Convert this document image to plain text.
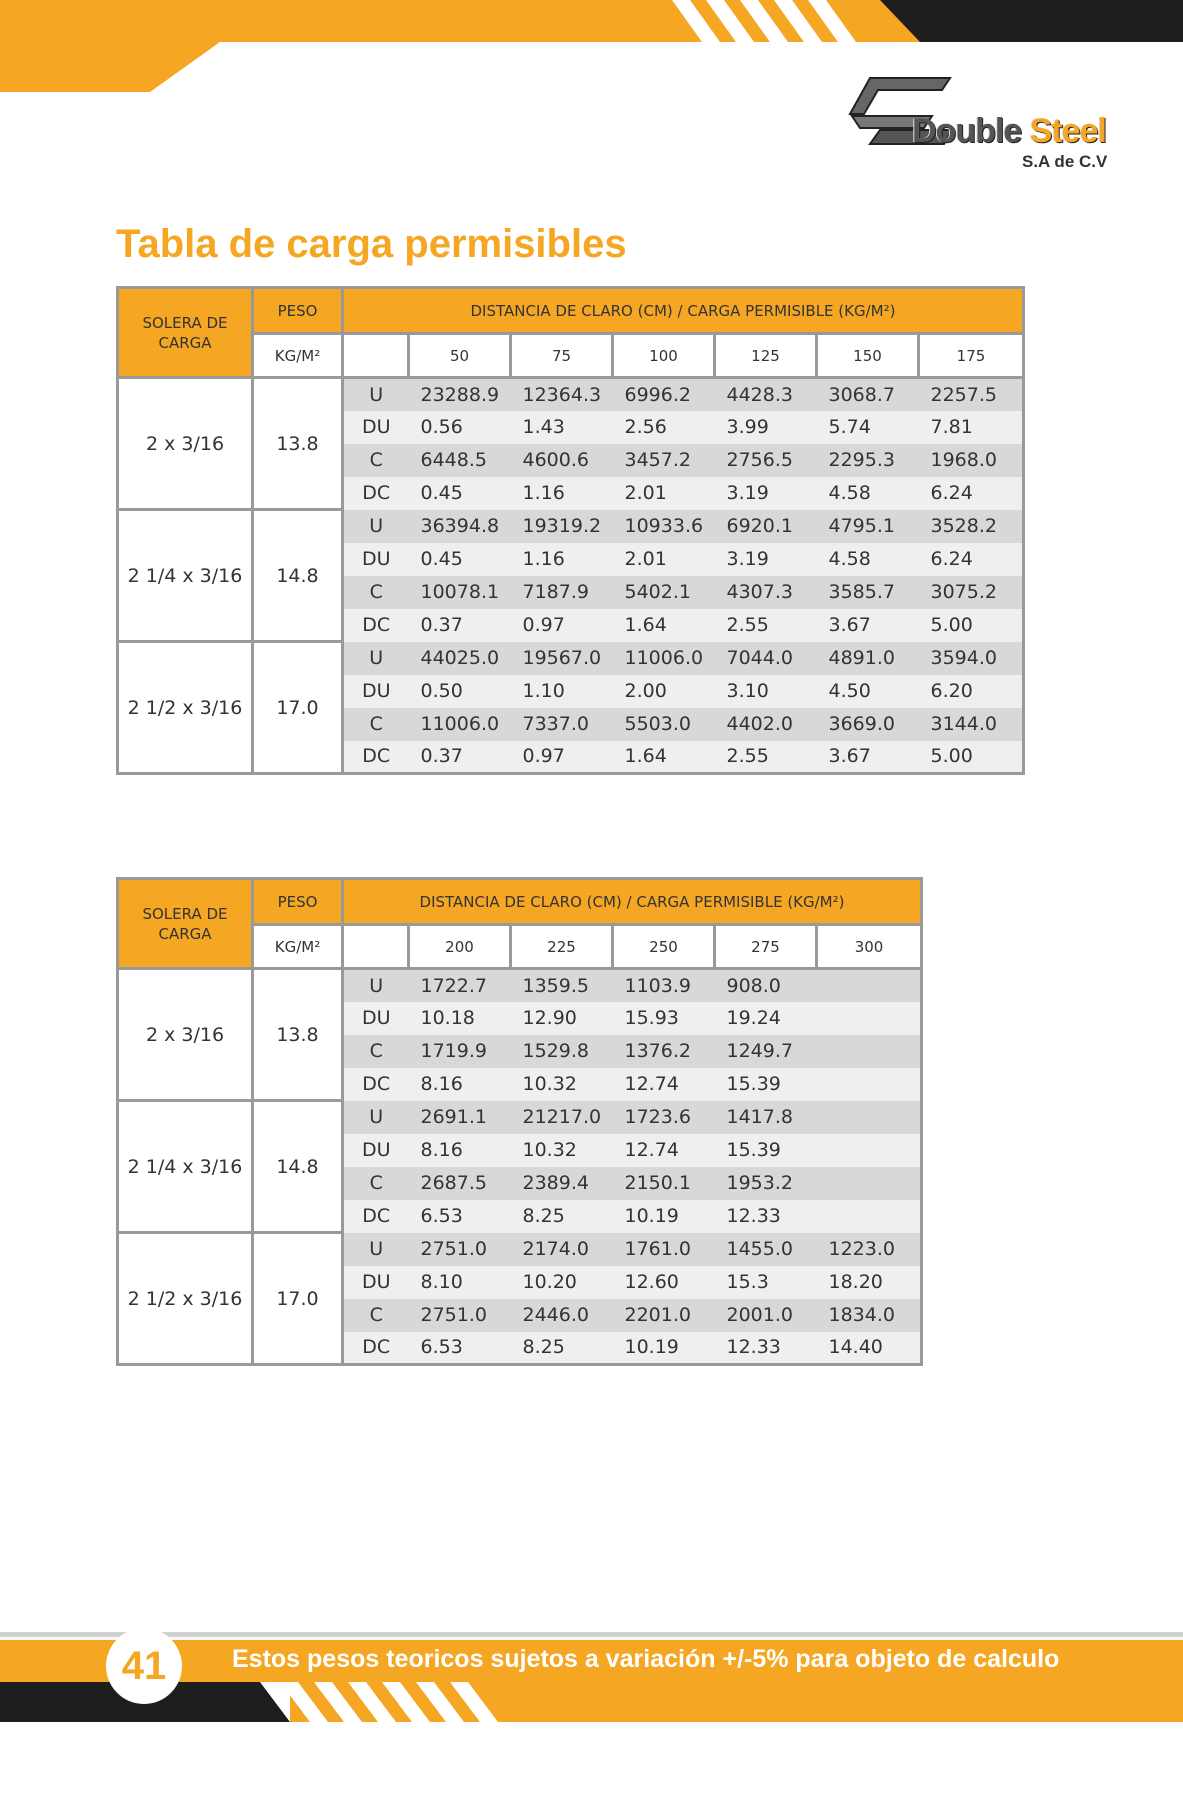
Double Steel
S.A de C.V
Tabla de carga permisibles
SOLERA DE CARGA	PESO	DISTANCIA DE CLARO (CM) / CARGA PERMISIBLE (KG/M²)						
	KG/M²		50	75	100	125	150	175
2 x 3/16	13.8	U	23288.9	12364.3	6996.2	4428.3	3068.7	2257.5
		DU	0.56	1.43	2.56	3.99	5.74	7.81
		C	6448.5	4600.6	3457.2	2756.5	2295.3	1968.0
		DC	0.45	1.16	2.01	3.19	4.58	6.24
2 1/4 x 3/16	14.8	U	36394.8	19319.2	10933.6	6920.1	4795.1	3528.2
		DU	0.45	1.16	2.01	3.19	4.58	6.24
		C	10078.1	7187.9	5402.1	4307.3	3585.7	3075.2
		DC	0.37	0.97	1.64	2.55	3.67	5.00
2 1/2 x 3/16	17.0	U	44025.0	19567.0	11006.0	7044.0	4891.0	3594.0
		DU	0.50	1.10	2.00	3.10	4.50	6.20
		C	11006.0	7337.0	5503.0	4402.0	3669.0	3144.0
		DC	0.37	0.97	1.64	2.55	3.67	5.00
SOLERA DE CARGA	PESO	DISTANCIA DE CLARO (CM) / CARGA PERMISIBLE (KG/M²)					
	KG/M²		200	225	250	275	300
2 x 3/16	13.8	U	1722.7	1359.5	1103.9	908.0	
		DU	10.18	12.90	15.93	19.24	
		C	1719.9	1529.8	1376.2	1249.7	
		DC	8.16	10.32	12.74	15.39	
2 1/4 x 3/16	14.8	U	2691.1	21217.0	1723.6	1417.8	
		DU	8.16	10.32	12.74	15.39	
		C	2687.5	2389.4	2150.1	1953.2	
		DC	6.53	8.25	10.19	12.33	
2 1/2 x 3/16	17.0	U	2751.0	2174.0	1761.0	1455.0	1223.0
		DU	8.10	10.20	12.60	15.3	18.20
		C	2751.0	2446.0	2201.0	2001.0	1834.0
		DC	6.53	8.25	10.19	12.33	14.40
41	Estos pesos teoricos sujetos a variación +/-5% para objeto de calculo
